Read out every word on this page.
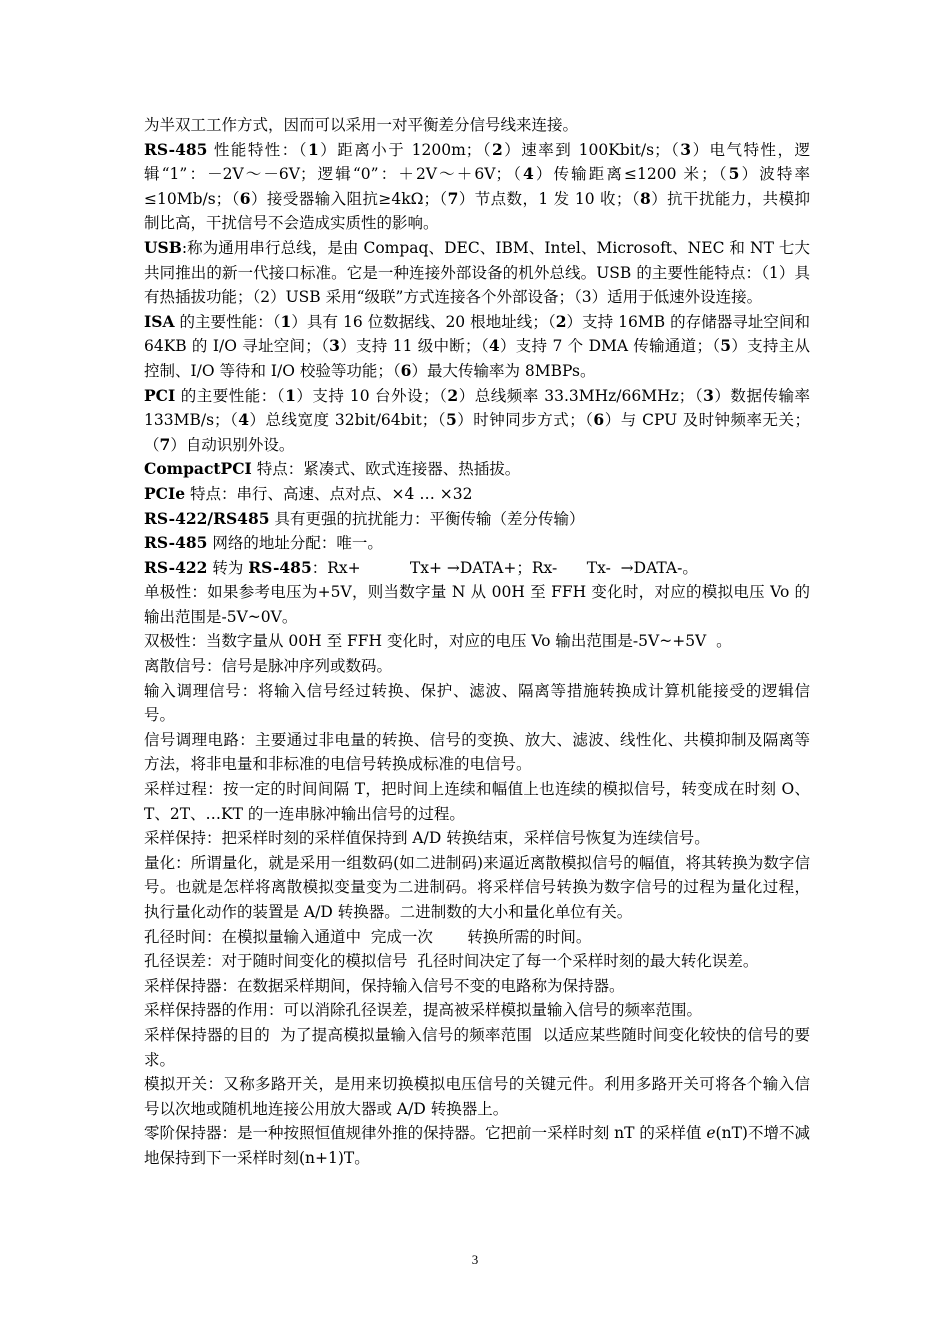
为半双工工作方式，因而可以采用一对平衡差分信号线来连接。

RS-485 性能特性：（1）距离小于 1200m；（2）速率到 100Kbit/s；（3）电气特性，逻辑“1”：－2V～－6V；逻辑“0”：＋2V～＋6V；（4）传输距离≤1200 米；（5）波特率≤10Mb/s；（6）接受器输入阻抗≥4kΩ；（7）节点数，1 发 10 收；（8）抗干扰能力，共模抑制比高，干扰信号不会造成实质性的影响。

USB:称为通用串行总线，是由 Compaq、DEC、IBM、Intel、Microsoft、NEC 和 NT 七大共同推出的新一代接口标准。它是一种连接外部设备的机外总线。USB 的主要性能特点：（1）具有热插拔功能；（2）USB 采用“级联”方式连接各个外部设备；（3）适用于低速外设连接。

ISA 的主要性能：（1）具有 16 位数据线、20 根地址线；（2）支持 16MB 的存储器寻址空间和 64KB 的 I/O 寻址空间；（3）支持 11 级中断；（4）支持 7 个 DMA 传输通道；（5）支持主从控制、I/O 等待和 I/O 校验等功能；（6）最大传输率为 8MBPs。

PCI 的主要性能：（1）支持 10 台外设；（2）总线频率 33.3MHz/66MHz；（3）数据传输率 133MB/s；（4）总线宽度 32bit/64bit；（5）时钟同步方式；（6）与 CPU 及时钟频率无关；（7）自动识别外设。

CompactPCI 特点：紧凑式、欧式连接器、热插拔。

PCIe 特点：串行、高速、点对点、×4 … ×32

RS-422/RS485 具有更强的抗扰能力：平衡传输（差分传输）

RS-485 网络的地址分配：唯一。

RS-422 转为 RS-485：Rx+          Tx+ →DATA+；Rx-      Tx-  →DATA-。

单极性：如果参考电压为+5V，则当数字量 N 从 00H 至 FFH 变化时，对应的模拟电压 Vo 的输出范围是-5V~0V。

双极性：当数字量从 00H 至 FFH 变化时，对应的电压 Vo 输出范围是-5V~+5V  。

离散信号：信号是脉冲序列或数码。

输入调理信号：将输入信号经过转换、保护、滤波、隔离等措施转换成计算机能接受的逻辑信号。

信号调理电路：主要通过非电量的转换、信号的变换、放大、滤波、线性化、共模抑制及隔离等方法，将非电量和非标准的电信号转换成标准的电信号。

采样过程：按一定的时间间隔 T，把时间上连续和幅值上也连续的模拟信号，转变成在时刻 O、T、2T、…KT 的一连串脉冲输出信号的过程。

采样保持：把采样时刻的采样值保持到 A/D 转换结束，采样信号恢复为连续信号。

量化：所谓量化，就是采用一组数码(如二进制码)来逼近离散模拟信号的幅值，将其转换为数字信号。也就是怎样将离散模拟变量变为二进制码。将采样信号转换为数字信号的过程为量化过程，执行量化动作的装置是 A/D 转换器。二进制数的大小和量化单位有关。

孔径时间：在模拟量输入通道中  完成一次       转换所需的时间。

孔径误差：对于随时间变化的模拟信号  孔径时间决定了每一个采样时刻的最大转化误差。

采样保持器：在数据采样期间，保持输入信号不变的电路称为保持器。

采样保持器的作用：可以消除孔径误差，提高被采样模拟量输入信号的频率范围。

采样保持器的目的  为了提高模拟量输入信号的频率范围  以适应某些随时间变化较快的信号的要求。

模拟开关：又称多路开关，是用来切换模拟电压信号的关键元件。利用多路开关可将各个输入信号以次地或随机地连接公用放大器或 A/D 转换器上。

零阶保持器：是一种按照恒值规律外推的保持器。它把前一采样时刻 nT 的采样值 e(nT)不增不减地保持到下一采样时刻(n+1)T。

3
